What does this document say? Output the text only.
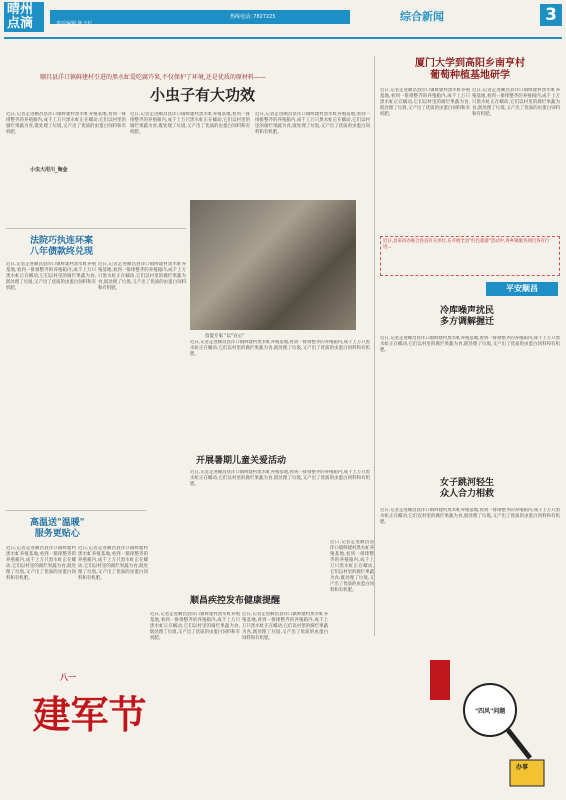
晴州
点滴	责任编辑:陈玉红
热线电话: 7827225	综合新闻	3
顺昌县洋口镇鲜建村引进的黑水虻爱吃腐卉果,不仅保护了环境,还是优质的原材料——
小虫子有大功效
近日,记者走进顺昌县洋口镇鲜建村黑水虻养殖基地,看到一排排整齐的养殖箱内,成千上万只黑水虻正在蠕动,它们以村里的腐烂果蔬为食,既处理了垃圾,又产出了优质的虫蛋白饲料和有机肥。
小虫大用川_淘金
近日,记者走进顺昌县洋口镇鲜建村黑水虻养殖基地,看到一排排整齐的养殖箱内,成千上万只黑水虻正在蠕动,它们以村里的腐烂果蔬为食,既处理了垃圾,又产出了优质的虫蛋白饲料和有机肥。
近日,记者走进顺昌县洋口镇鲜建村黑水虻养殖基地,看到一排排整齐的养殖箱内,成千上万只黑水虻正在蠕动,它们以村里的腐烂果蔬为食,既处理了垃圾,又产出了优质的虫蛋白饲料和有机肥。
技能专家 "以"宣心"
厦门大学到高阳乡南亨村
葡萄种植基地研学
近日,记者走进顺昌县洋口镇鲜建村黑水虻养殖基地,看到一排排整齐的养殖箱内,成千上万只黑水虻正在蠕动,它们以村里的腐烂果蔬为食,既处理了垃圾,又产出了优质的虫蛋白饲料和有机肥。
近日,记者走进顺昌县洋口镇鲜建村黑水虻养殖基地,看到一排排整齐的养殖箱内,成千上万只黑水虻正在蠕动,它们以村里的腐烂果蔬为食,既处理了垃圾,又产出了优质的虫蛋白饲料和有机肥。
近日,县采洱办联合县直有关单位,在开展全县"红色旅游"活动中,各乡镇服务项目各有行进...
法院巧执连环案
八年债款终兑现
近日,记者走进顺昌县洋口镇鲜建村黑水虻养殖基地,看到一排排整齐的养殖箱内,成千上万只黑水虻正在蠕动,它们以村里的腐烂果蔬为食,既处理了垃圾,又产出了优质的虫蛋白饲料和有机肥。
近日,记者走进顺昌县洋口镇鲜建村黑水虻养殖基地,看到一排排整齐的养殖箱内,成千上万只黑水虻正在蠕动,它们以村里的腐烂果蔬为食,既处理了垃圾,又产出了优质的虫蛋白饲料和有机肥。
近日,记者走进顺昌县洋口镇鲜建村黑水虻养殖基地,看到一排排整齐的养殖箱内,成千上万只黑水虻正在蠕动,它们以村里的腐烂果蔬为食,既处理了垃圾,又产出了优质的虫蛋白饲料和有机肥。
开展暑期儿童关爱活动
近日,记者走进顺昌县洋口镇鲜建村黑水虻养殖基地,看到一排排整齐的养殖箱内,成千上万只黑水虻正在蠕动,它们以村里的腐烂果蔬为食,既处理了垃圾,又产出了优质的虫蛋白饲料和有机肥。
高温送"温暖"
服务更贴心
近日,记者走进顺昌县洋口镇鲜建村黑水虻养殖基地,看到一排排整齐的养殖箱内,成千上万只黑水虻正在蠕动,它们以村里的腐烂果蔬为食,既处理了垃圾,又产出了优质的虫蛋白饲料和有机肥。
近日,记者走进顺昌县洋口镇鲜建村黑水虻养殖基地,看到一排排整齐的养殖箱内,成千上万只黑水虻正在蠕动,它们以村里的腐烂果蔬为食,既处理了垃圾,又产出了优质的虫蛋白饲料和有机肥。
顺昌疾控发布健康提醒
近日,记者走进顺昌县洋口镇鲜建村黑水虻养殖基地,看到一排排整齐的养殖箱内,成千上万只黑水虻正在蠕动,它们以村里的腐烂果蔬为食,既处理了垃圾,又产出了优质的虫蛋白饲料和有机肥。
近日,记者走进顺昌县洋口镇鲜建村黑水虻养殖基地,看到一排排整齐的养殖箱内,成千上万只黑水虻正在蠕动,它们以村里的腐烂果蔬为食,既处理了垃圾,又产出了优质的虫蛋白饲料和有机肥。
近日,记者走进顺昌县洋口镇鲜建村黑水虻养殖基地,看到一排排整齐的养殖箱内,成千上万只黑水虻正在蠕动,它们以村里的腐烂果蔬为食,既处理了垃圾,又产出了优质的虫蛋白饲料和有机肥。
平安顺昌
冷库噪声扰民
多方调解握迁
近日,记者走进顺昌县洋口镇鲜建村黑水虻养殖基地,看到一排排整齐的养殖箱内,成千上万只黑水虻正在蠕动,它们以村里的腐烂果蔬为食,既处理了垃圾,又产出了优质的虫蛋白饲料和有机肥。
女子跳河轻生
众人合力相救
近日,记者走进顺昌县洋口镇鲜建村黑水虻养殖基地,看到一排排整齐的养殖箱内,成千上万只黑水虻正在蠕动,它们以村里的腐烂果蔬为食,既处理了垃圾,又产出了优质的虫蛋白饲料和有机肥。

建军节

八一
"四风"问题
办事
整治
